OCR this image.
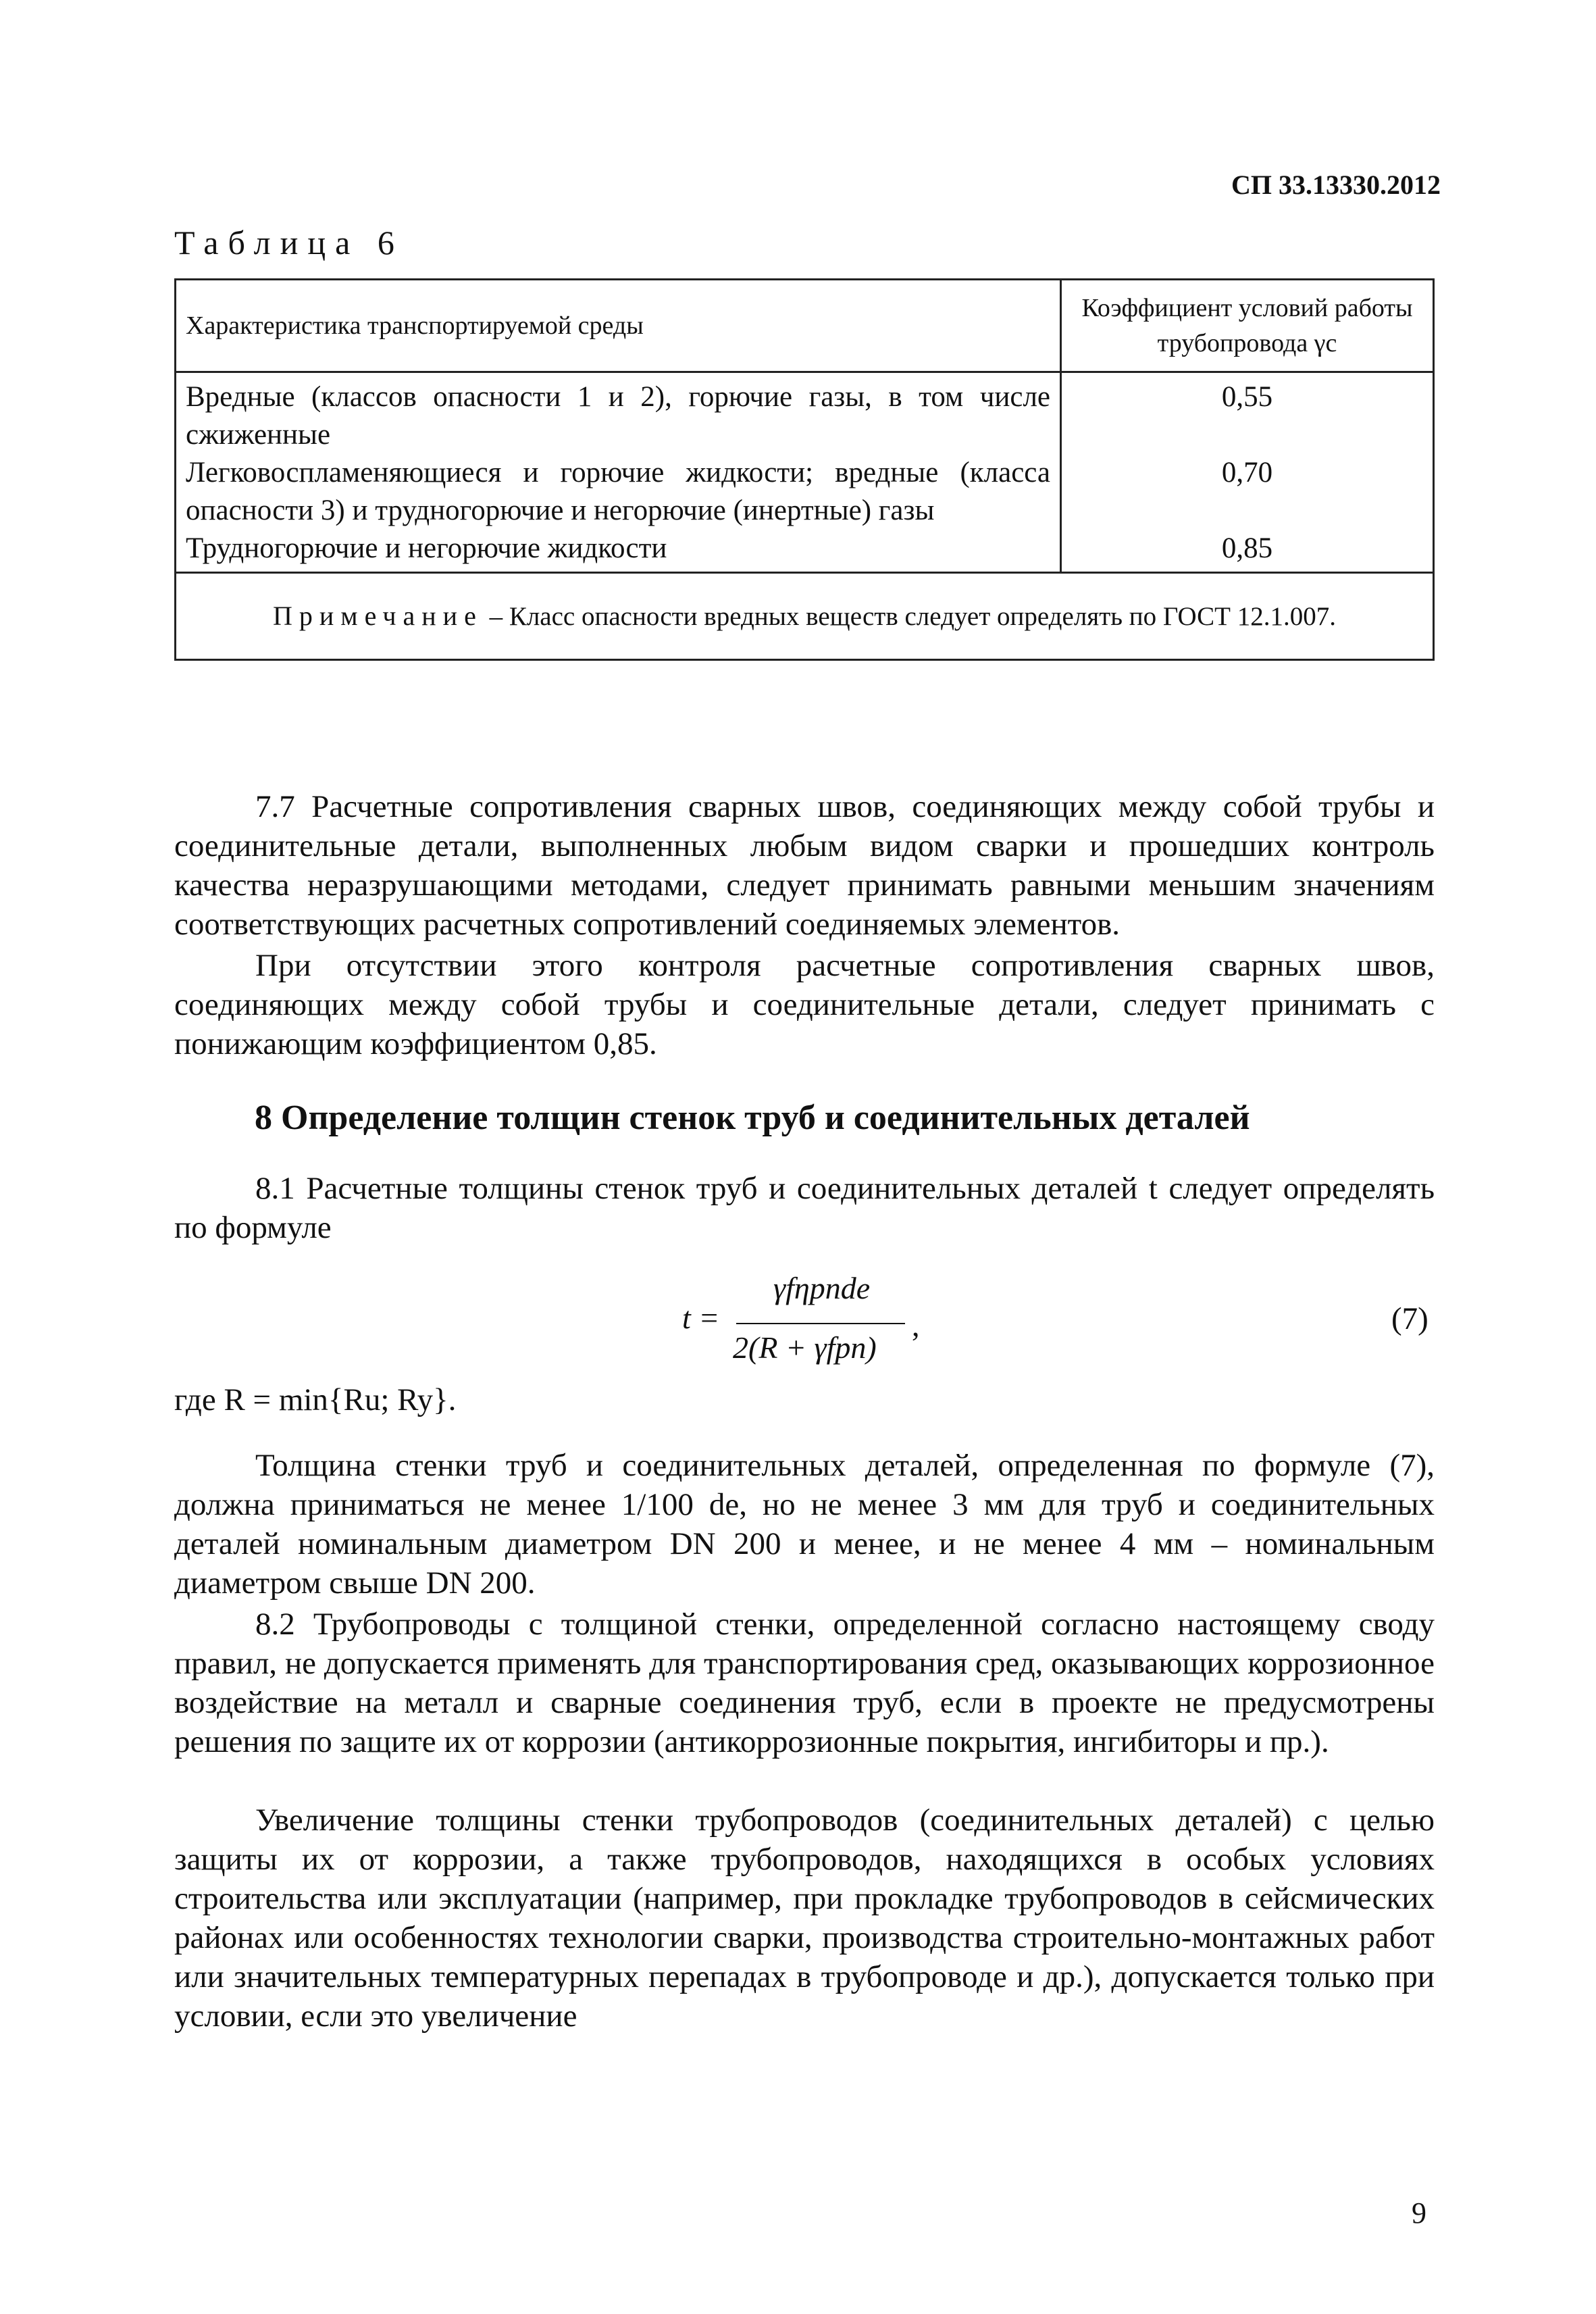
СП 33.13330.2012
Таблица 6
Характеристика транспортируемой среды	Коэффициент условий работы трубопровода γc
Вредные (классов опасности 1 и 2), горючие газы, в том числе сжиженные	0,55
Легковоспламеняющиеся и горючие жидкости; вредные (класса опасности 3) и трудногорючие и негорючие (инертные) газы	0,70
Трудногорючие и негорючие жидкости	0,85
Примечание – Класс опасности вредных веществ следует определять по ГОСТ 12.1.007.	
7.7 Расчетные сопротивления сварных швов, соединяющих между собой трубы и соединительные детали, выполненных любым видом сварки и прошедших контроль качества неразрушающими методами, следует принимать равными меньшим значениям соответствующих расчетных сопротивлений соединяемых элементов.
При отсутствии этого контроля расчетные сопротивления сварных швов, соединяющих между собой трубы и соединительные детали, следует принимать с понижающим коэффициентом 0,85.
8 Определение толщин стенок труб и соединительных деталей
8.1 Расчетные толщины стенок труб и соединительных деталей t следует определять по формуле
t =
γfηpnde
2(R + γfpn)
,	(7)
где R = min{Ru; Ry}.
Толщина стенки труб и соединительных деталей, определенная по формуле (7), должна приниматься не менее 1/100 de, но не менее 3 мм для труб и соединительных деталей номинальным диаметром DN 200 и менее, и не менее 4 мм – номинальным диаметром свыше DN 200.
8.2 Трубопроводы с толщиной стенки, определенной согласно настоящему своду правил, не допускается применять для транспортирования сред, оказывающих коррозионное воздействие на металл и сварные соединения труб, если в проекте не предусмотрены решения по защите их от коррозии (антикоррозионные покрытия, ингибиторы и пр.).
Увеличение толщины стенки трубопроводов (соединительных деталей) с целью защиты их от коррозии, а также трубопроводов, находящихся в особых условиях строительства или эксплуатации (например, при прокладке трубопроводов в сейсмических районах или особенностях технологии сварки, производства строительно-монтажных работ или значительных температурных перепадах в трубопроводе и др.), допускается только при условии, если это увеличение
9
